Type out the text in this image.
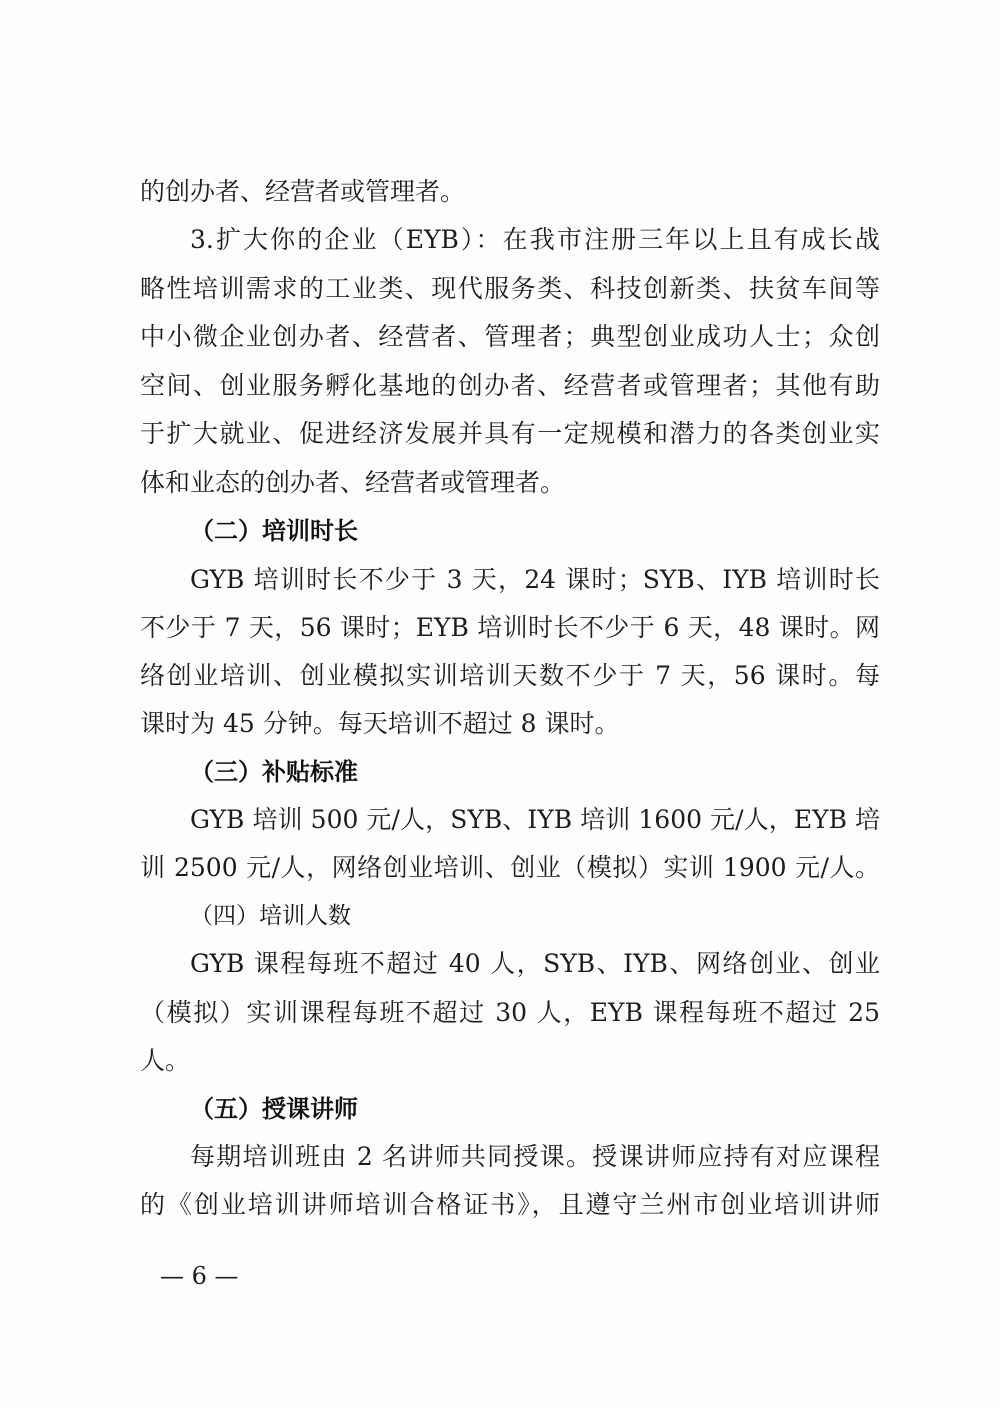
的创办者、经营者或管理者。
3.扩大你的企业（EYB）：在我市注册三年以上且有成长战
略性培训需求的工业类、现代服务类、科技创新类、扶贫车间等
中小微企业创办者、经营者、管理者；典型创业成功人士；众创
空间、创业服务孵化基地的创办者、经营者或管理者；其他有助
于扩大就业、促进经济发展并具有一定规模和潜力的各类创业实
体和业态的创办者、经营者或管理者。
（二）培训时长
GYB 培训时长不少于 3 天，24 课时；SYB、IYB 培训时长
不少于 7 天，56 课时；EYB 培训时长不少于 6 天，48 课时。网
络创业培训、创业模拟实训培训天数不少于 7 天，56 课时。每
课时为 45 分钟。每天培训不超过 8 课时。
（三）补贴标准
GYB 培训 500 元/人，SYB、IYB 培训 1600 元/人，EYB 培
训 2500 元/人，网络创业培训、创业（模拟）实训 1900 元/人。
（四）培训人数
GYB 课程每班不超过 40 人，SYB、IYB、网络创业、创业
（模拟）实训课程每班不超过 30 人，EYB 课程每班不超过 25
人。
（五）授课讲师
每期培训班由 2 名讲师共同授课。授课讲师应持有对应课程
的《创业培训讲师培训合格证书》，且遵守兰州市创业培训讲师
— 6 —
